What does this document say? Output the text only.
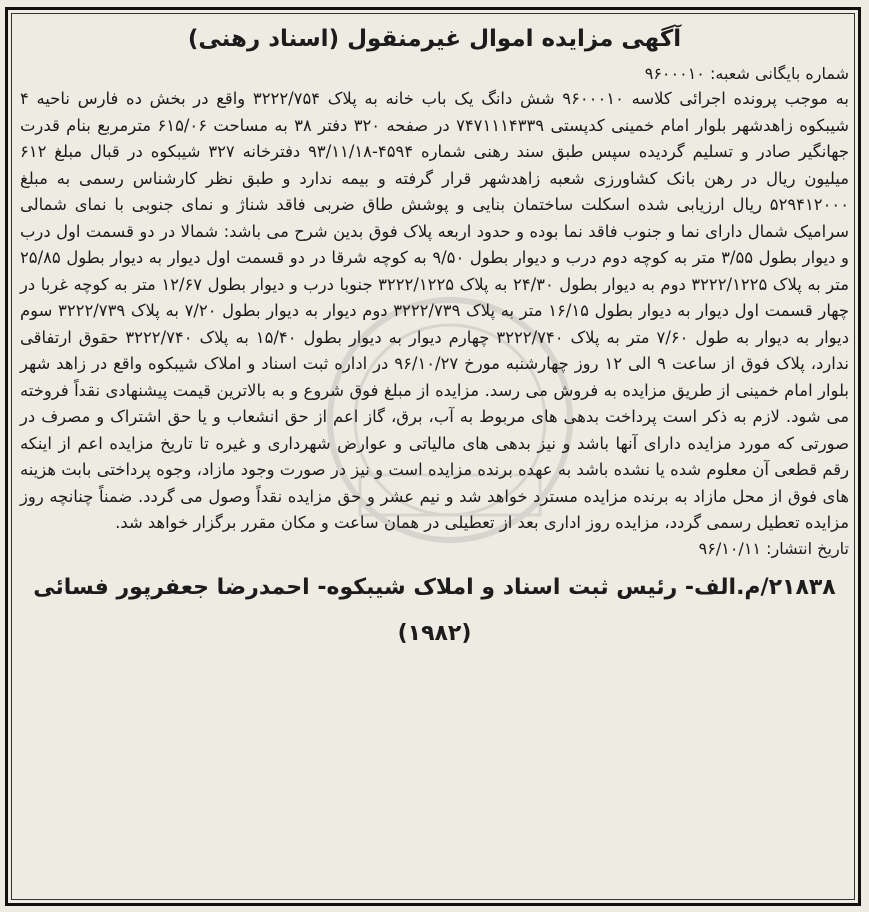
آگهی مزایده اموال غیرمنقول (اسناد رهنی)

شماره بایگانی شعبه: ۹۶۰۰۰۱۰

به موجب پرونده اجرائی کلاسه ۹۶۰۰۰۱۰ شش دانگ یک باب خانه به پلاک ۳۲۲۲/۷۵۴ واقع در بخش ده فارس ناحیه ۴ شیبکوه زاهدشهر بلوار امام خمینی کدپستی ۷۴۷۱۱۱۴۳۳۹ در صفحه ۳۲۰ دفتر ۳۸ به مساحت ۶۱۵/۰۶ مترمربع بنام قدرت جهانگیر صادر و تسلیم گردیده سپس طبق سند رهنی شماره ۴۵۹۴-۹۳/۱۱/۱۸ دفترخانه ۳۲۷ شیبکوه در قبال مبلغ ۶۱۲ میلیون ریال در رهن بانک کشاورزی شعبه زاهدشهر قرار گرفته و بیمه ندارد و طبق نظر کارشناس رسمی به مبلغ ۵۲۹۴۱۲۰۰۰ ریال ارزیابی شده اسکلت ساختمان بنایی و پوشش طاق ضربی فاقد شناژ و نمای جنوبی با نمای شمالی سرامیک شمال دارای نما و جنوب فاقد نما بوده و حدود اربعه پلاک فوق بدین شرح می باشد: شمالا در دو قسمت اول درب و دیوار بطول ۳/۵۵ متر به کوچه دوم درب و دیوار بطول ۹/۵۰ به کوچه شرقا در دو قسمت اول دیوار به دیوار بطول ۲۵/۸۵ متر به پلاک ۳۲۲۲/۱۲۲۵ دوم به دیوار بطول ۲۴/۳۰ به پلاک ۳۲۲۲/۱۲۲۵ جنوبا درب و دیوار بطول ۱۲/۶۷ متر به کوچه غربا در چهار قسمت اول دیوار به دیوار بطول ۱۶/۱۵ متر به پلاک ۳۲۲۲/۷۳۹ دوم دیوار به دیوار بطول ۷/۲۰ به پلاک ۳۲۲۲/۷۳۹ سوم دیوار به دیوار به طول ۷/۶۰ متر به پلاک ۳۲۲۲/۷۴۰ چهارم دیوار به دیوار بطول ۱۵/۴۰ به پلاک ۳۲۲۲/۷۴۰ حقوق ارتفاقی ندارد، پلاک فوق از ساعت ۹ الی ۱۲ روز چهارشنبه مورخ ۹۶/۱۰/۲۷ در اداره ثبت اسناد و املاک شیبکوه واقع در زاهد شهر بلوار امام خمینی از طریق مزایده به فروش می رسد. مزایده از مبلغ فوق شروع و به بالاترین قیمت پیشنهادی نقداً فروخته می شود. لازم به ذکر است پرداخت بدهی های مربوط به آب، برق، گاز اعم از حق انشعاب و یا حق اشتراک و مصرف در صورتی که مورد مزایده دارای آنها باشد و نیز بدهی های مالیاتی و عوارض شهرداری و غیره تا تاریخ مزایده اعم از اینکه رقم قطعی آن معلوم شده یا نشده باشد به عهده برنده مزایده است و نیز در صورت وجود مازاد، وجوه پرداختی بابت هزینه های فوق از محل مازاد به برنده مزایده مسترد خواهد شد و نیم عشر و حق مزایده نقداً وصول می گردد. ضمناً چنانچه روز مزایده تعطیل رسمی گردد، مزایده روز اداری بعد از تعطیلی در همان ساعت و مکان مقرر برگزار خواهد شد.

تاریخ انتشار: ۹۶/۱۰/۱۱

۲۱۸۳۸/م.الف- رئیس ثبت اسناد و املاک شیبکوه- احمدرضا جعفرپور فسائی

(۱۹۸۲)
